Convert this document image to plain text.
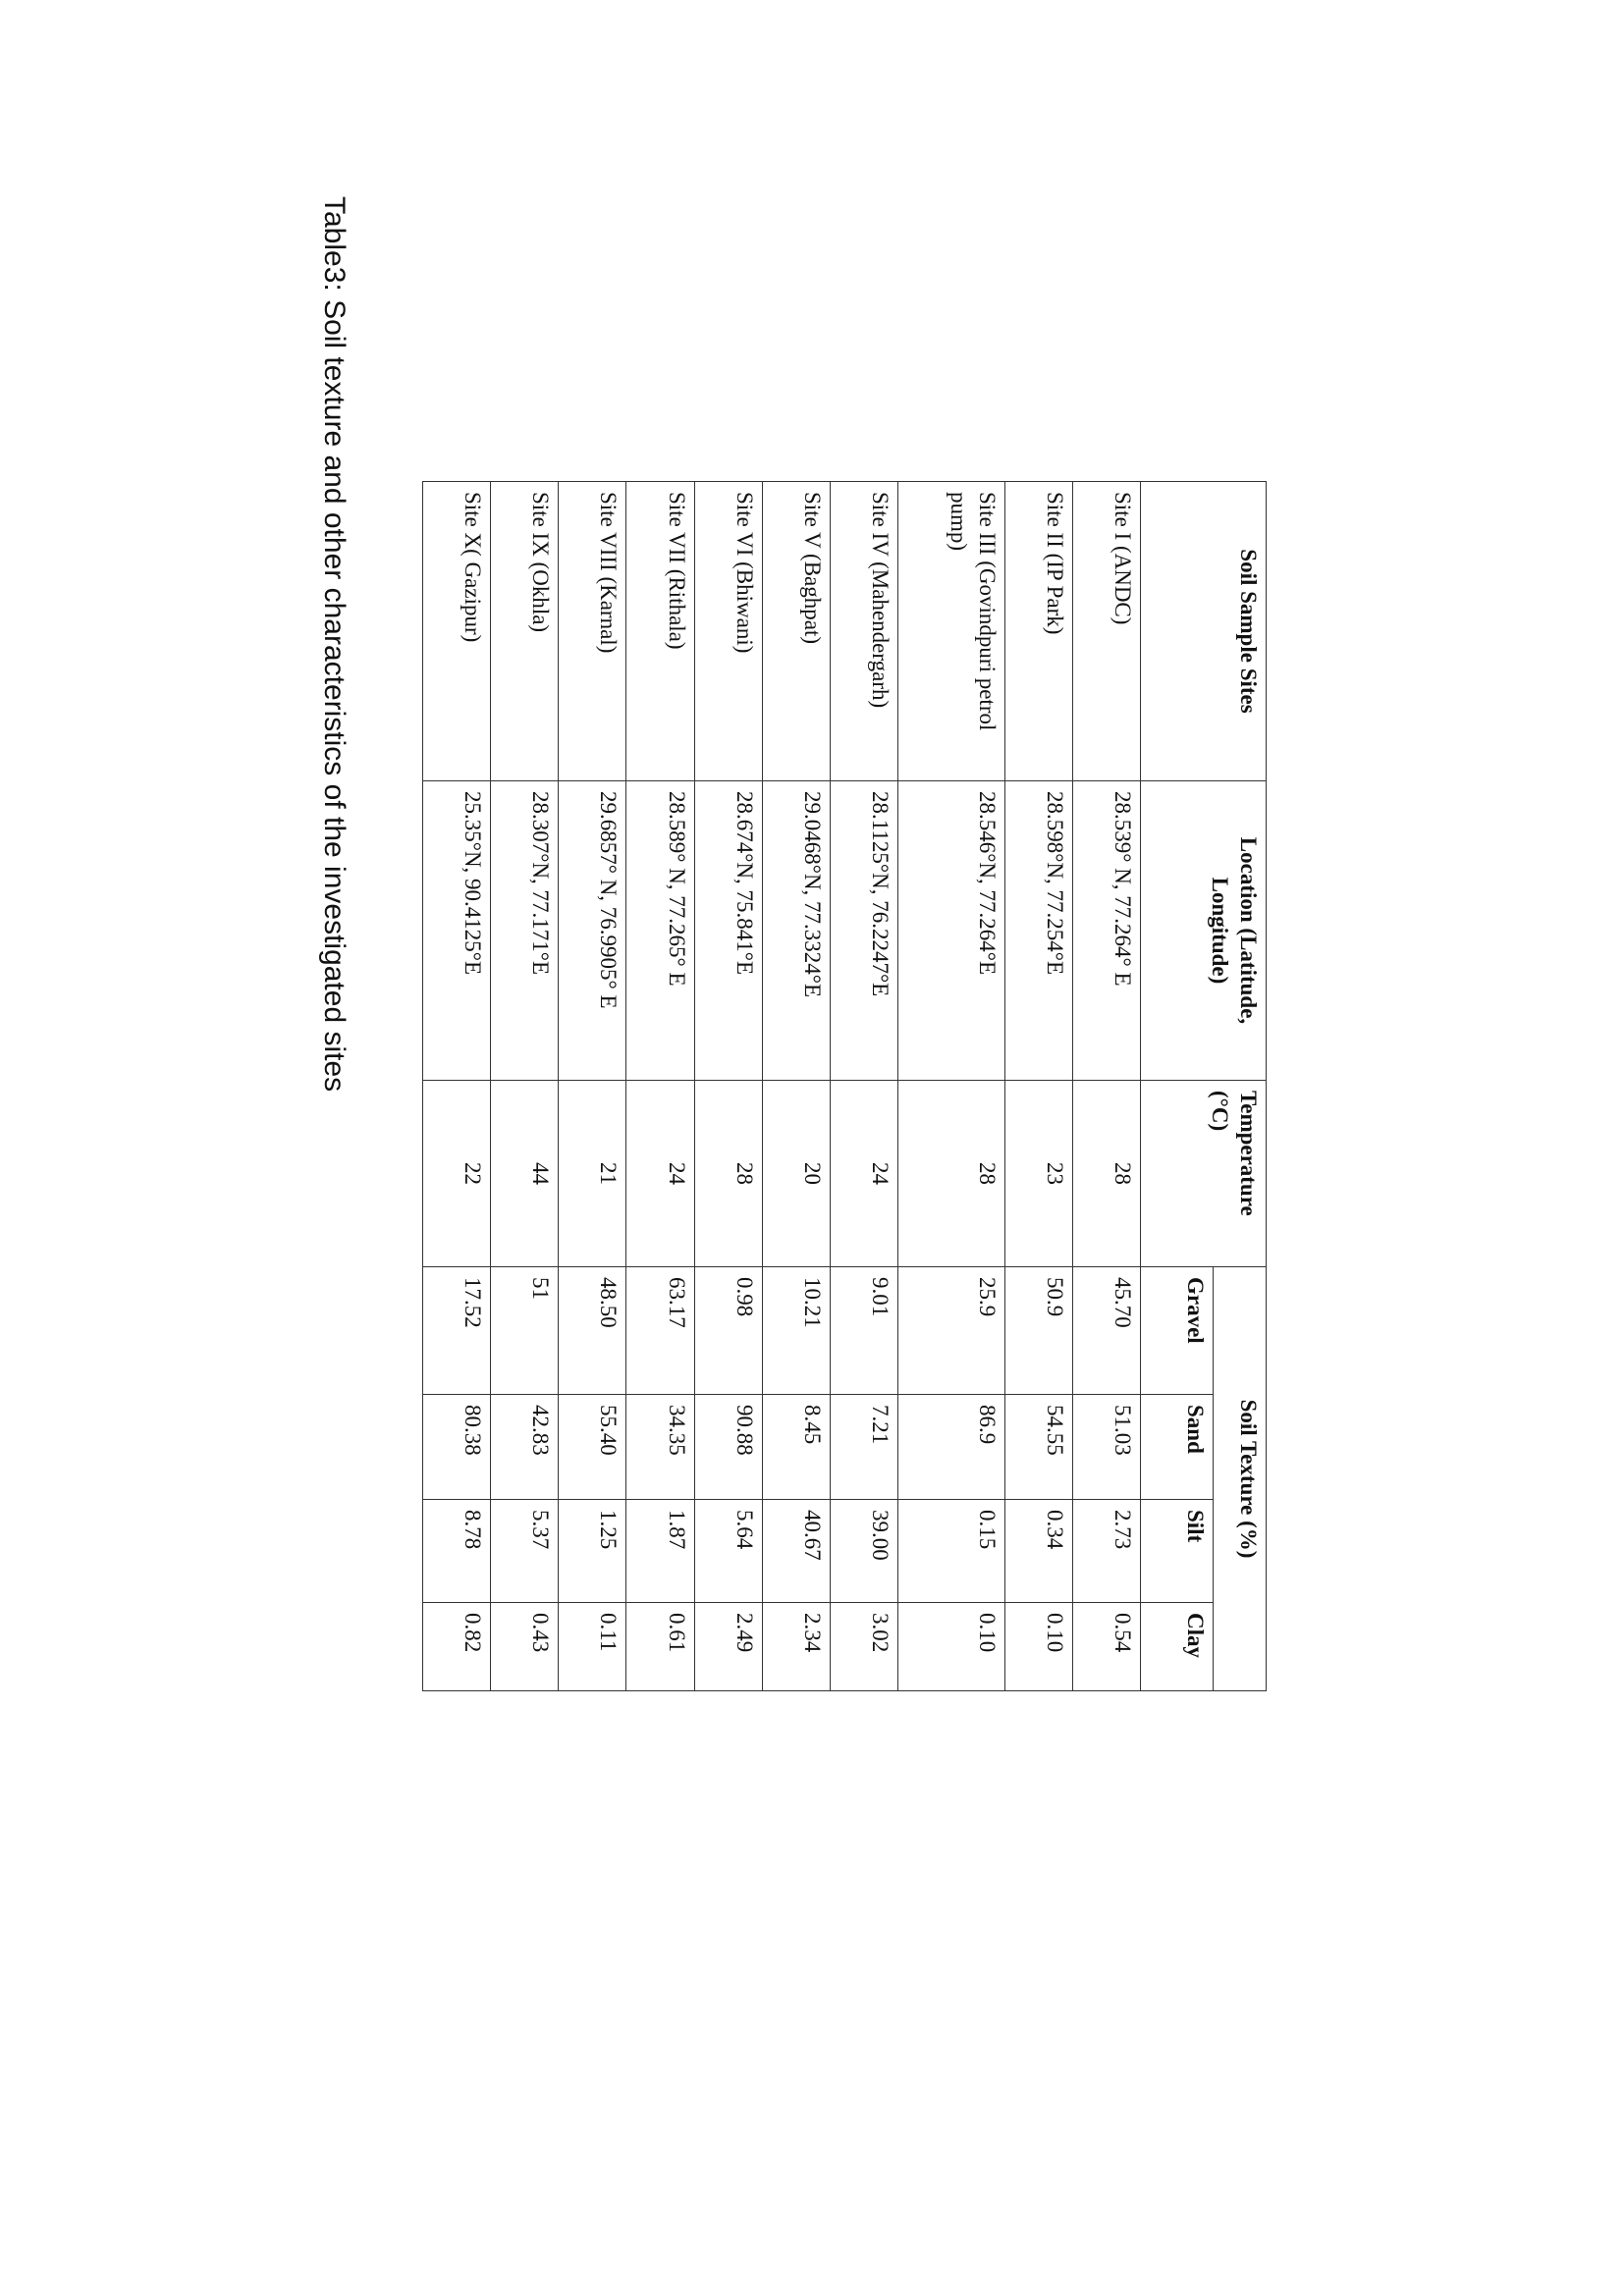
Table3: Soil texture and other characteristics of the investigated sites	Soil Sample Sites	Location (Latitude, Longitude)	Temperature (°C)	Soil Texture (%)			
			Gravel	Sand	Silt	Clay
Site I (ANDC)	28.539° N, 77.264° E	28	45.70	51.03	2.73	0.54
Site II (IP Park)	28.598°N, 77.254°E	23	50.9	54.55	0.34	0.10
Site III (Govindpuri petrol pump)	28.546°N, 77.264°E	28	25.9	86.9	0.15	0.10
Site IV (Mahendergarh)	28.1125°N, 76.2247°E	24	9.01	7.21	39.00	3.02
Site V (Baghpat)	29.0468°N, 77.3324°E	20	10.21	8.45	40.67	2.34
Site VI (Bhiwani)	28.674°N, 75.841°E	28	0.98	90.88	5.64	2.49
Site VII (Rithala)	28.589° N, 77.265° E	24	63.17	34.35	1.87	0.61
Site VIII (Karnal)	29.6857° N, 76.9905° E	21	48.50	55.40	1.25	0.11
Site IX (Okhla)	28.307°N, 77.171°E	44	51	42.83	5.37	0.43
Site X( Gazipur)	25.35°N, 90.4125°E	22	17.52	80.38	8.78	0.82
